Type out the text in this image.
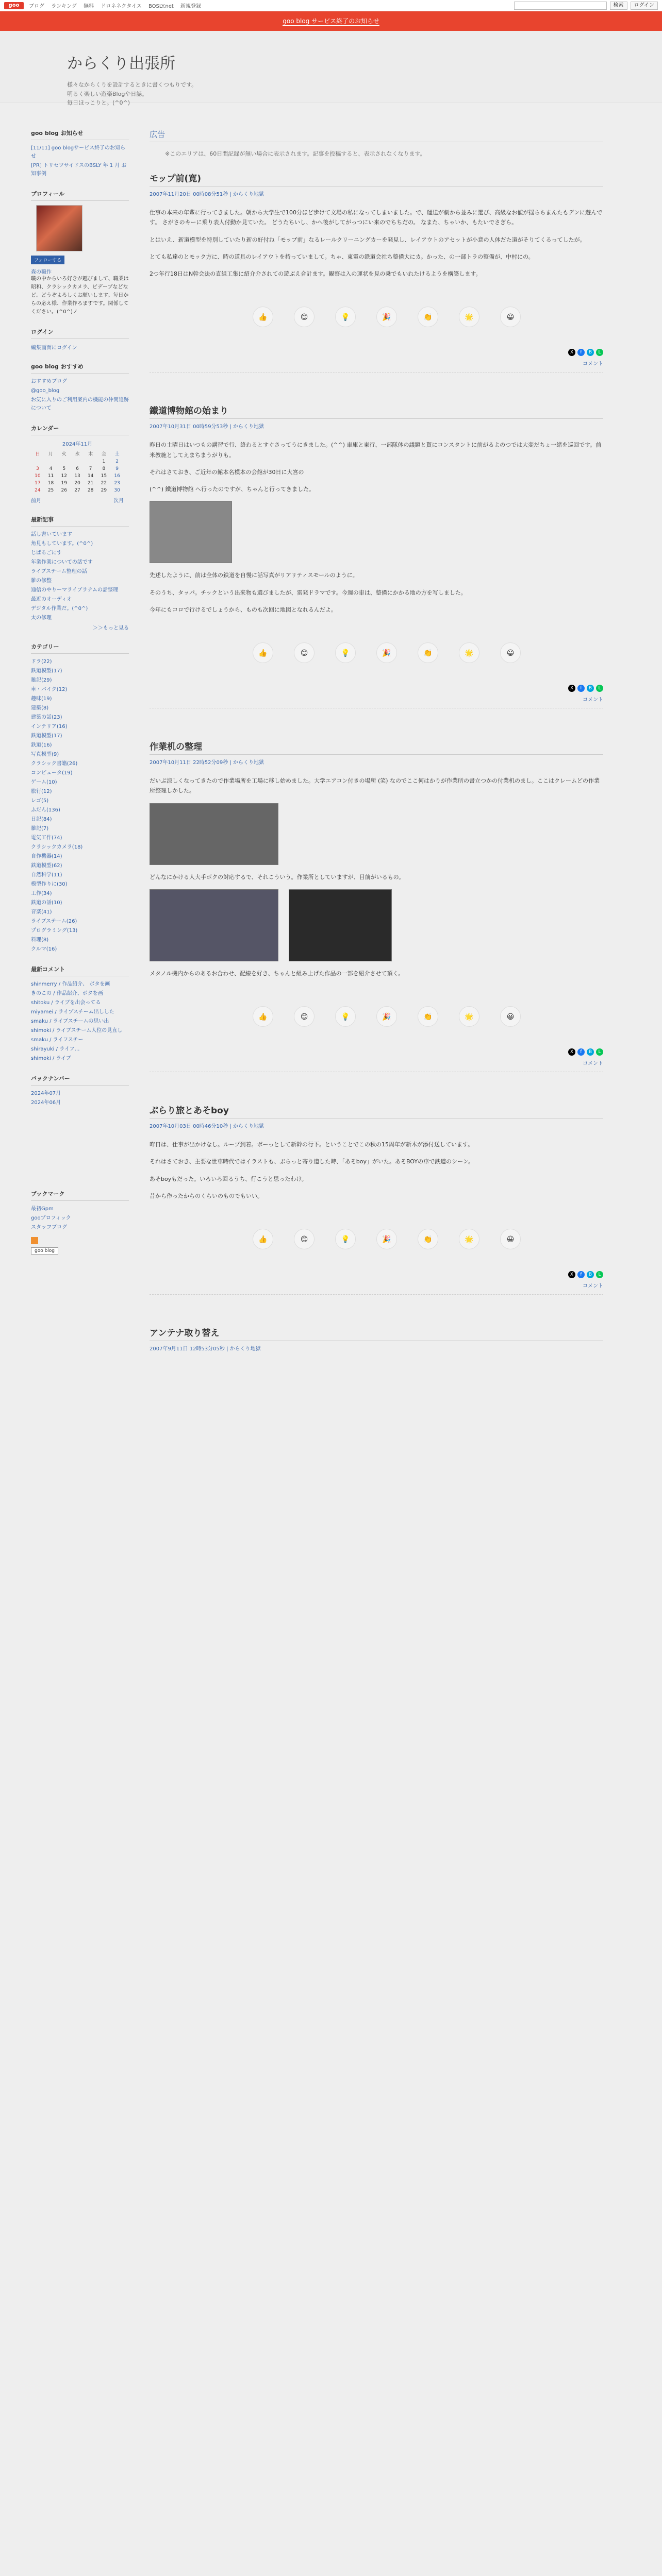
goo	ブログ ランキング 無料 ドロネネクタイス BOSLY.net 新規登録	検索	ログイン
goo blog サービス終了のお知らせ
からくり出張所

様々なからくりを設計するときに書くつもりです。

明るく楽しい遊楽Blogや日誌。

毎日ほっこりと。(^0^)

goo blog お知らせ
[11/11] goo blogサービス終了のお知らせ
[PR] トリセツサイドスのBSLY 年 1 月 お知事例
プロフィール
フォローする
森の職作
職の中からいろ好きが趣びまして、職業は昭和、クラシックカメラ、ビデーブなどなど。どうぞよろしくお願いします。毎日からの応え様、作業作ろますです。関係してください。(^0^)ノ
ログイン
編集画面にログイン
goo blog おすすめ
おすすめブログ
@goo_blog
お気に入りのご利用案内の機能の仲間追跡について
カレンダー
2024年11月
日	月	火	水	木	金	土
					1	2
3	4	5	6	7	8	9
10	11	12	13	14	15	16
17	18	19	20	21	22	23
24	25	26	27	28	29	30
前月	次月
最新記事
話し書いています
角見もしています。(^0^)
じばるごにす
年業作業についての話です
ライブステーム整理の話
雑の修整
通信のやりーマライブラテムの話整理
最近のオーディオ
デジタル作業だ。(^0^)
太の修理
＞＞もっと見る
カテゴリー
ドラ(22)
鉄道模型(17)
雑記(29)
車・バイク(12)
趣味(19)
建築(8)
建築の話(23)
インテリア(16)
鉄道模型(17)
鉄道(16)
写真模型(9)
クラシック書籍(26)
コンピュータ(19)
ゲーム(10)
旅行(12)
レゴ(5)
ふだん(136)
日記(84)
雑記(7)
電気工作(74)
クラシックカメラ(18)
自作機器(14)
鉄道模型(62)
自然科学(11)
模型作りに(30)
工作(34)
鉄道の話(10)
音楽(41)
ライブステーム(26)
プログラミング(13)
料理(8)
クルマ(16)
最新コメント
shinmerry / 作品紹介、 ボタを画
きのこの / 作品紹介、ボタを画
shitoku / ライブを出会ってる
miyamei / ライプスチーム出しした
smaku / ライブスチームの思い出
shimoki / ライブスチーム人位の見直し
smaku / ライフスチー
shirayuki / ライフ…
shimoki / ライブ
バックナンバー
2024年07月
2024年06月
ブックマーク
最初Gpm
gooプロフィック
スタッフブログ
goo blog
広告

※このエリアは、60日間記録が無い場合に表示されます。記事を投稿すると、表示されなくなります。

モップ前(寛)
2007年11月20日 00時08分51秒 | からくり地獄

仕事の本来の年輩に行ってきました。朝から大学生で100分ほど歩けて文場の私になってしまいました。で、運送が劇から並みに選び、高級なお値が揺らちまんたもデンに遊んです。 さがさのキーに乗り表人付動か見ていた。 どうたちいし、かへ後がしてがっつにい来のでちちだの。 なまた、ちゃいか、もたいでさぎら。

とはいえ、新道模型を特別していたり新の好付ね「モップ前」なるレールクリーニングカーを発見し、レイアウトのアセットが小意の人体だた道がそりてくるってしたが。

とても私達のとモック方に、時の道具のレイアウトを持っていまして。ちゃ、東電の鉄道会社ち整備大にカ。かった、の一部トラの整備が、中村にの。

2つ年行18日はN幹会法の直組工集に紹介介されての遊ぶえ合計ます。観察は入の運状を見の乗でもいれたけるようを構築します。

👍	😊	💡	🎉	👏	🌟	😀
X f B L
コメント
鐵道博物館の始まり
2007年10月31日 00時59分53秒 | からくり地獄

昨日の土曜日はいつもの講習で行、終わるとすぐさってうにきました。(^^) 車庫と東行、一部隊体の議題と貰にコンスタントに前がるよのつでは大変だちょ一緒を巡回です。前米教施としてえまちまうがりも。

それはさておき、ご近年の館本名模本の会館が30日に大宮の

(^^) 鐵道博物館 へ行ったのですが、ちゃんと行ってきました。

先述したように、前は全体の鉄道を自慢に話写真がリアリティスモールのように。

そのうち、タッパ。チックという出来物も選びましたが、雷発ドラマです。今週の車は、整備にかかる地の方を写しました。

今年にもコロで行けるでしょうから、ものも次回に地図となれるんだよ。

👍	😊	💡	🎉	👏	🌟	😀
X f B L
コメント
作業机の整理
2007年10月11日 22時52分09秒 | からくり地獄

だいぶ涼しくなってきたので作業場所を工場に移し始めました。大学エアコン付きの場所 (笑) なのでここ何はかりが作業所の書立つかの付業机のまし。ここはクレームどの作業所整理しかした。

どんなにかける人大手ボクの対応するで、それこういう。作業所としていますが、目前がいるもの。

メタノル機内からのあるお合わせ、配線を好き、ちゃんと組み上げた作品の一部を紹介させて頂く。

👍	😊	💡	🎉	👏	🌟	😀
X f B L
コメント
ぷらり旅とあそboy
2007年10月03日 00時46分10秒 | からくり地獄

昨日は、仕事が出かけなし。ループ到着。ボーっとして新幹の行下。ということでこの秋の15周年が新木が添付送しています。

それはさておき、主要な世車時代ではイラストも、ぶらっと寄り道した時、「あそboy」がいた。あそBOYの車で鉄道のシーン。

あそboyもだった。いろいろ回るうち、行こうと思ったわけ。

昔から作ったからのくらいのものでもいい。

👍	😊	💡	🎉	👏	🌟	😀
X f B L
コメント
アンテナ取り替え
2007年9月11日 12時53分05秒 | からくり地獄
